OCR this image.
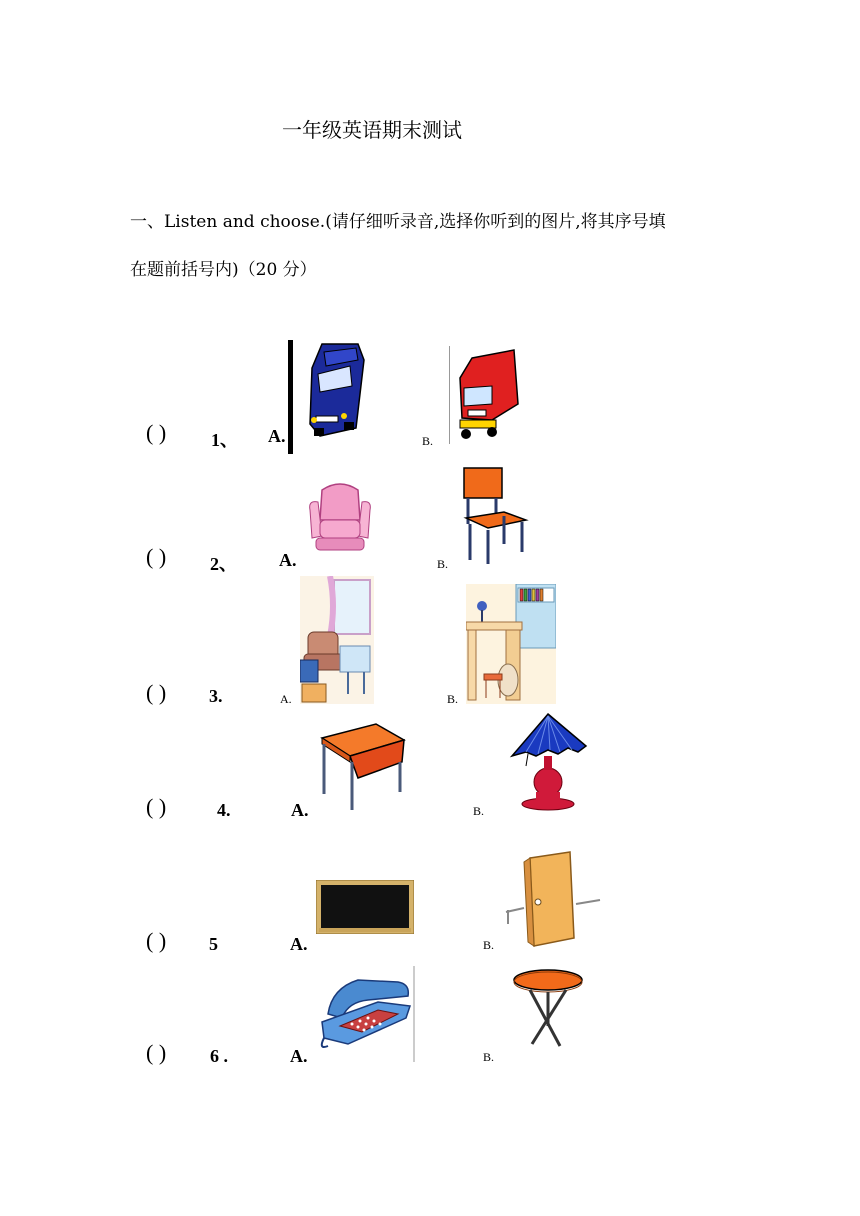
一年级英语期末测试
一、Listen and choose.(请仔细听录音,选择你听到的图片,将其序号填
在题前括号内)（20 分）
( ) 1、 A.	B.
( ) 2、 A.	B.
( ) 3.	A.	B.
( )	4.	A.	B.
( ) 5	A.	B.
( ) 6 .	A.	B.
